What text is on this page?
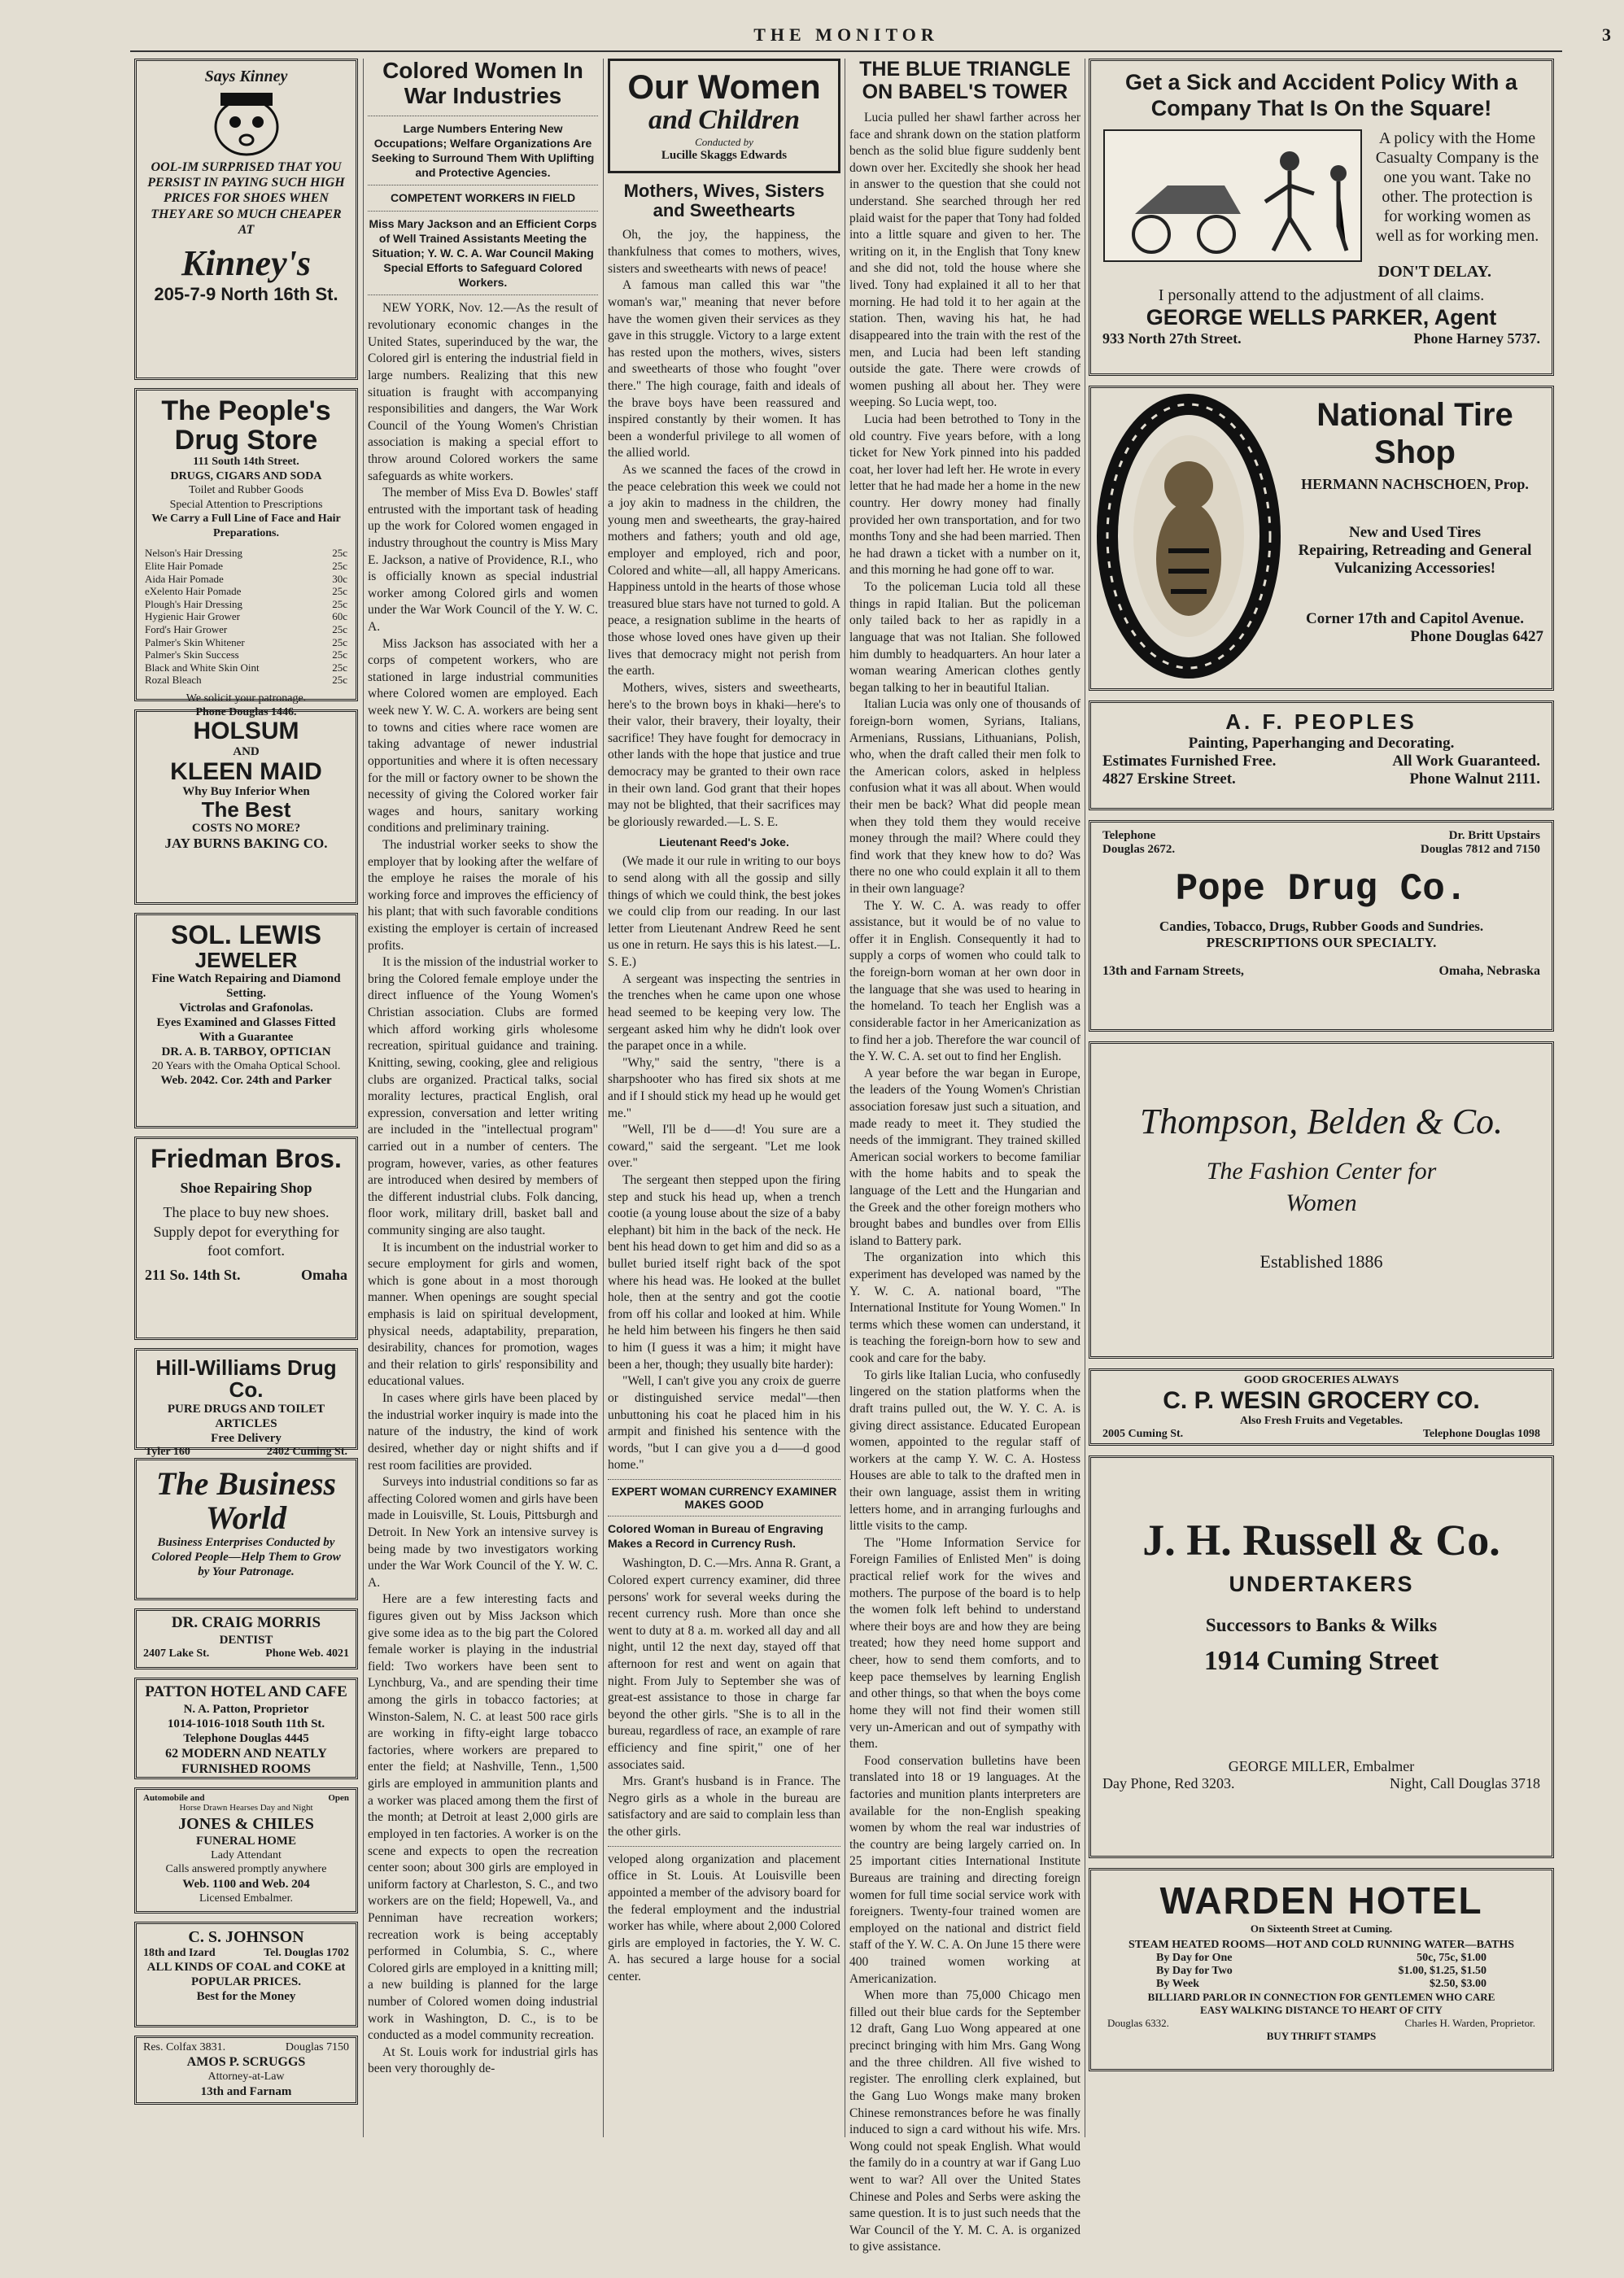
THE MONITOR	3
Says Kinney
OOL-IM SURPRISED THAT YOU PERSIST IN PAYING SUCH HIGH PRICES FOR SHOES WHEN THEY ARE SO MUCH CHEAPER AT
Kinney's
205-7-9 North 16th St.
The People's Drug Store
111 South 14th Street.
DRUGS, CIGARS AND SODA
Toilet and Rubber Goods
Special Attention to Prescriptions
We Carry a Full Line of Face and Hair Preparations.
Nelson's Hair Dressing	25c
Elite Hair Pomade	25c
Aida Hair Pomade	30c
eXelento Hair Pomade	25c
Plough's Hair Dressing	25c
Hygienic Hair Grower	60c
Ford's Hair Grower	25c
Palmer's Skin Whitener	25c
Palmer's Skin Success	25c
Black and White Skin Oint	25c
Rozal Bleach	25c
We solicit your patronage.
Phone Douglas 1446.
HOLSUM
AND
KLEEN MAID
Why Buy Inferior When
The Best
COSTS NO MORE?
JAY BURNS BAKING CO.
SOL. LEWIS
JEWELER
Fine Watch Repairing and Diamond Setting.
Victrolas and Grafonolas.
Eyes Examined and Glasses Fitted With a Guarantee
DR. A. B. TARBOY, OPTICIAN
20 Years with the Omaha Optical School.
Web. 2042. Cor. 24th and Parker
Friedman Bros.
Shoe Repairing Shop
The place to buy new shoes. Supply depot for everything for foot comfort.
211 So. 14th St.	Omaha
Hill-Williams Drug Co.
PURE DRUGS AND TOILET ARTICLES
Free Delivery
Tyler 160	2402 Cuming St.
The Business World
Business Enterprises Conducted by Colored People—Help Them to Grow by Your Patronage.
DR. CRAIG MORRIS
DENTIST
2407 Lake St.	Phone Web. 4021
PATTON HOTEL AND CAFE
N. A. Patton, Proprietor
1014-1016-1018 South 11th St.
Telephone Douglas 4445
62 MODERN AND NEATLY FURNISHED ROOMS
Automobile and	Open
Horse Drawn Hearses Day and Night
JONES & CHILES
FUNERAL HOME
Lady Attendant
Calls answered promptly anywhere
Web. 1100 and Web. 204
Licensed Embalmer.
C. S. JOHNSON
18th and Izard	Tel. Douglas 1702
ALL KINDS OF COAL and COKE at POPULAR PRICES.
Best for the Money
Res. Colfax 3831.	Douglas 7150
AMOS P. SCRUGGS
Attorney-at-Law
13th and Farnam
Colored Women In War Industries
Large Numbers Entering New Occupations; Welfare Organizations Are Seeking to Surround Them With Uplifting and Protective Agencies.
COMPETENT WORKERS IN FIELD
Miss Mary Jackson and an Efficient Corps of Well Trained Assistants Meeting the Situation; Y. W. C. A. War Council Making Special Efforts to Safeguard Colored Workers.

NEW YORK, Nov. 12.—As the result of revolutionary economic changes in the United States, superinduced by the war, the Colored girl is entering the industrial field in large numbers. Realizing that this new situation is fraught with accompanying responsibilities and dangers, the War Work Council of the Young Women's Christian association is making a special effort to throw around Colored workers the same safeguards as white workers.

The member of Miss Eva D. Bowles' staff entrusted with the important task of heading up the work for Colored women engaged in industry throughout the country is Miss Mary E. Jackson, a native of Providence, R.I., who is officially known as special industrial worker among Colored girls and women under the War Work Council of the Y. W. C. A.

Miss Jackson has associated with her a corps of competent workers, who are stationed in large industrial communities where Colored women are employed. Each week new Y. W. C. A. workers are being sent to towns and cities where race women are taking advantage of newer industrial opportunities and where it is often necessary for the mill or factory owner to be shown the necessity of giving the Colored worker fair wages and hours, sanitary working conditions and preliminary training.

The industrial worker seeks to show the employer that by looking after the welfare of the employe he raises the morale of his working force and improves the efficiency of his plant; that with such favorable conditions existing the employer is certain of increased profits.

It is the mission of the industrial worker to bring the Colored female employe under the direct influence of the Young Women's Christian association. Clubs are formed which afford working girls wholesome recreation, spiritual guidance and training. Knitting, sewing, cooking, glee and religious clubs are organized. Practical talks, social morality lectures, practical English, oral expression, conversation and letter writing are included in the "intellectual program" carried out in a number of centers. The program, however, varies, as other features are introduced when desired by members of the different industrial clubs. Folk dancing, floor work, military drill, basket ball and community singing are also taught.

It is incumbent on the industrial worker to secure employment for girls and women, which is gone about in a most thorough manner. When openings are sought special emphasis is laid on spiritual development, physical needs, adaptability, preparation, desirability, chances for promotion, wages and their relation to girls' responsibility and educational values.

In cases where girls have been placed by the industrial worker inquiry is made into the nature of the industry, the kind of work desired, whether day or night shifts and if rest room facilities are provided.

Surveys into industrial conditions so far as affecting Colored women and girls have been made in Louisville, St. Louis, Pittsburgh and Detroit. In New York an intensive survey is being made by two investigators working under the War Work Council of the Y. W. C. A.

Here are a few interesting facts and figures given out by Miss Jackson which give some idea as to the big part the Colored female worker is playing in the industrial field: Two workers have been sent to Lynchburg, Va., and are spending their time among the girls in tobacco factories; at Winston-Salem, N. C. at least 500 race girls are working in fifty-eight large tobacco factories, where workers are prepared to enter the field; at Nashville, Tenn., 1,500 girls are employed in ammunition plants and a worker was placed among them the first of the month; at Detroit at least 2,000 girls are employed in ten factories. A worker is on the scene and expects to open the recreation center soon; about 300 girls are employed in uniform factory at Charleston, S. C., and two workers are on the field; Hopewell, Va., and Penniman have recreation workers; recreation work is being acceptably performed in Columbia, S. C., where Colored girls are employed in a knitting mill; a new building is planned for the large number of Colored women doing industrial work in Washington, D. C., is to be conducted as a model community recreation.

At St. Louis work for industrial girls has been very thoroughly de-

Our Women
and Children
Conducted by
Lucille Skaggs Edwards
Mothers, Wives, Sisters and Sweethearts

Oh, the joy, the happiness, the thankfulness that comes to mothers, wives, sisters and sweethearts with news of peace!

A famous man called this war "the woman's war," meaning that never before have the women given their services as they gave in this struggle. Victory to a large extent has rested upon the mothers, wives, sisters and sweethearts of those who fought "over there." The high courage, faith and ideals of the brave boys have been reassured and inspired constantly by their women. It has been a wonderful privilege to all women of the allied world.

As we scanned the faces of the crowd in the peace celebration this week we could not a joy akin to madness in the children, the young men and sweethearts, the gray-haired mothers and fathers; youth and old age, employer and employed, rich and poor, Colored and white—all, all happy Americans. Happiness untold in the hearts of those whose treasured blue stars have not turned to gold. A peace, a resignation sublime in the hearts of those whose loved ones have given up their lives that democracy might not perish from the earth.

Mothers, wives, sisters and sweethearts, here's to the brown boys in khaki—here's to their valor, their bravery, their loyalty, their sacrifice! They have fought for democracy in other lands with the hope that justice and true democracy may be granted to their own race in their own land. God grant that their hopes may not be blighted, that their sacrifices may be gloriously rewarded.—L. S. E.

Lieutenant Reed's Joke.

(We made it our rule in writing to our boys to send along with all the gossip and silly things of which we could think, the best jokes we could clip from our reading. In our last letter from Lieutenant Andrew Reed he sent us one in return. He says this is his latest.—L. S. E.)

A sergeant was inspecting the sentries in the trenches when he came upon one whose head seemed to be keeping very low. The sergeant asked him why he didn't look over the parapet once in a while.

"Why," said the sentry, "there is a sharpshooter who has fired six shots at me and if I should stick my head up he would get me."

"Well, I'll be d——d! You sure are a coward," said the sergeant. "Let me look over."

The sergeant then stepped upon the firing step and stuck his head up, when a trench cootie (a young louse about the size of a baby elephant) bit him in the back of the neck. He bent his head down to get him and did so as a bullet buried itself right back of the spot where his head was. He looked at the bullet hole, then at the sentry and got the cootie from off his collar and looked at him. While he held him between his fingers he then said to him (I guess it was a him; it might have been a her, though; they usually bite harder):

"Well, I can't give you any croix de guerre or distinguished service medal"—then unbuttoning his coat he placed him in his armpit and finished his sentence with the words, "but I can give you a d——d good home."

EXPERT WOMAN CURRENCY EXAMINER MAKES GOOD
Colored Woman in Bureau of Engraving Makes a Record in Currency Rush.

Washington, D. C.—Mrs. Anna R. Grant, a Colored expert currency examiner, did three persons' work for several weeks during the recent currency rush. More than once she went to duty at 8 a. m. worked all day and all night, until 12 the next day, stayed off that afternoon for rest and went on again that night. From July to September she was of great-est assistance to those in charge far beyond the other girls. "She is to all in the bureau, regardless of race, an example of rare efficiency and fine spirit," one of her associates said.

Mrs. Grant's husband is in France. The Negro girls as a whole in the bureau are satisfactory and are said to complain less than the other girls.

veloped along organization and placement office in St. Louis. At Louisville been appointed a member of the advisory board for the federal employment and the industrial worker has while, where about 2,000 Colored girls are employed in factories, the Y. W. C. A. has secured a large house for a social center.

THE BLUE TRIANGLE
ON BABEL'S TOWER

Lucia pulled her shawl farther across her face and shrank down on the station platform bench as the solid blue figure suddenly bent down over her. Excitedly she shook her head in answer to the question that she could not understand. She searched through her red plaid waist for the paper that Tony had folded into a little square and given to her. The writing on it, in the English that Tony knew and she did not, told the house where she lived. Tony had explained it all to her that morning. He had told it to her again at the station. Then, waving his hat, he had disappeared into the train with the rest of the men, and Lucia had been left standing outside the gate. There were crowds of women pushing all about her. They were weeping. So Lucia wept, too.

Lucia had been betrothed to Tony in the old country. Five years before, with a long ticket for New York pinned into his padded coat, her lover had left her. He wrote in every letter that he had made her a home in the new country. Her dowry money had finally provided her own transportation, and for two months Tony and she had been married. Then he had drawn a ticket with a number on it, and this morning he had gone off to war.

To the policeman Lucia told all these things in rapid Italian. But the policeman only tailed back to her as rapidly in a language that was not Italian. She followed him dumbly to headquarters. An hour later a woman wearing American clothes gently began talking to her in beautiful Italian.

Italian Lucia was only one of thousands of foreign-born women, Syrians, Italians, Armenians, Russians, Lithuanians, Polish, who, when the draft called their men folk to the American colors, asked in helpless confusion what it was all about. When would their men be back? What did people mean when they told them they would receive money through the mail? Where could they find work that they knew how to do? Was there no one who could explain it all to them in their own language?

The Y. W. C. A. was ready to offer assistance, but it would be of no value to offer it in English. Consequently it had to supply a corps of women who could talk to the foreign-born woman at her own door in the language that she was used to hearing in the homeland. To teach her English was a considerable factor in her Americanization as to find her a job. Therefore the war council of the Y. W. C. A. set out to find her English.

A year before the war began in Europe, the leaders of the Young Women's Christian association foresaw just such a situation, and made ready to meet it. They studied the needs of the immigrant. They trained skilled American social workers to become familiar with the home habits and to speak the language of the Lett and the Hungarian and the Greek and the other foreign mothers who brought babes and bundles over from Ellis island to Battery park.

The organization into which this experiment has developed was named by the Y. W. C. A. national board, "The International Institute for Young Women." In terms which these women can understand, it is teaching the foreign-born how to sew and cook and care for the baby.

To girls like Italian Lucia, who confusedly lingered on the station platforms when the draft trains pulled out, the W. Y. C. A. is giving direct assistance. Educated European women, appointed to the regular staff of workers at the camp Y. W. C. A. Hostess Houses are able to talk to the drafted men in their own language, assist them in writing letters home, and in arranging furloughs and little visits to the camp.

The "Home Information Service for Foreign Families of Enlisted Men" is doing practical relief work for the wives and mothers. The purpose of the board is to help the women folk left behind to understand where their boys are and how they are being treated; how they need home support and cheer, how to send them comforts, and to keep pace themselves by learning English and other things, so that when the boys come home they will not find their women still very un-American and out of sympathy with them.

Food conservation bulletins have been translated into 18 or 19 languages. At the factories and munition plants interpreters are available for the non-English speaking women by whom the real war industries of the country are being largely carried on. In 25 important cities International Institute Bureaus are training and directing foreign women for full time social service work with foreigners. Twenty-four trained women are employed on the national and district field staff of the Y. W. C. A. On June 15 there were 400 trained women working at Americanization.

When more than 75,000 Chicago men filled out their blue cards for the September 12 draft, Gang Luo Wong appeared at one precinct bringing with him Mrs. Gang Wong and the three children. All five wished to register. The enrolling clerk explained, but the Gang Luo Wongs make many broken Chinese remonstrances before he was finally induced to sign a card without his wife. Mrs. Wong could not speak English. What would the family do in a country at war if Gang Luo went to war? All over the United States Chinese and Poles and Serbs were asking the same question. It is to just such needs that the War Council of the Y. M. C. A. is organized to give assistance.

Get a Sick and Accident Policy With a Company That Is On the Square!
A policy with the Home Casualty Company is the one you want. Take no other. The protection is for working women as well as for working men.
DON'T DELAY.
I personally attend to the adjustment of all claims.
GEORGE WELLS PARKER, Agent
933 North 27th Street.	Phone Harney 5737.
National Tire Shop
HERMANN NACHSCHOEN, Prop.
New and Used Tires
Repairing, Retreading and General Vulcanizing Accessories!
Corner 17th and Capitol Avenue.
Phone Douglas 6427
A. F. PEOPLES
Painting, Paperhanging and Decorating.
Estimates Furnished Free.	All Work Guaranteed.
4827 Erskine Street.	Phone Walnut 2111.
Telephone
Douglas 2672.
Dr. Britt Upstairs
Douglas 7812 and 7150
Pope Drug Co.
Candies, Tobacco, Drugs, Rubber Goods and Sundries.
PRESCRIPTIONS OUR SPECIALTY.
13th and Farnam Streets,	Omaha, Nebraska
Thompson, Belden & Co.
The Fashion Center for Women
Established 1886
GOOD GROCERIES ALWAYS
C. P. WESIN GROCERY CO.
Also Fresh Fruits and Vegetables.
2005 Cuming St.	Telephone Douglas 1098
J. H. Russell & Co.
UNDERTAKERS
Successors to Banks & Wilks
1914 Cuming Street
GEORGE MILLER, Embalmer
Day Phone, Red 3203.	Night, Call Douglas 3718
WARDEN HOTEL
On Sixteenth Street at Cuming.
STEAM HEATED ROOMS—HOT AND COLD RUNNING WATER—BATHS
By Day for One	50c, 75c, $1.00
By Day for Two	$1.00, $1.25, $1.50
By Week	$2.50, $3.00
BILLIARD PARLOR IN CONNECTION FOR GENTLEMEN WHO CARE
EASY WALKING DISTANCE TO HEART OF CITY
Douglas 6332.	Charles H. Warden, Proprietor.
BUY THRIFT STAMPS
